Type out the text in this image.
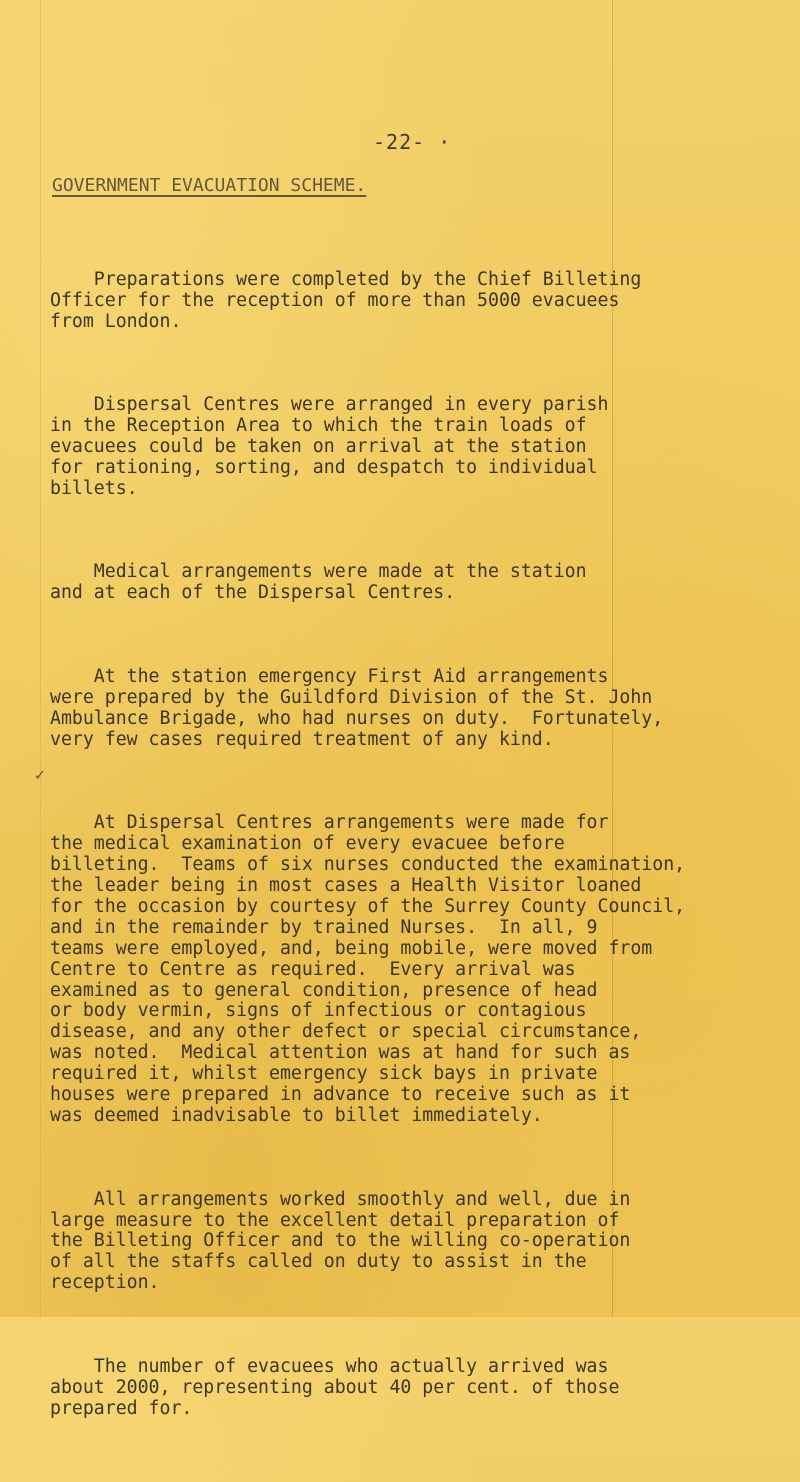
-22- ·
GOVERNMENT EVACUATION SCHEME.
✓

Preparations were completed by the Chief Billeting
Officer for the reception of more than 5000 evacuees
from London.

Dispersal Centres were arranged in every parish
in the Reception Area to which the train loads of
evacuees could be taken on arrival at the station
for rationing, sorting, and despatch to individual
billets.

Medical arrangements were made at the station
and at each of the Dispersal Centres.

At the station emergency First Aid arrangements
were prepared by the Guildford Division of the St. John
Ambulance Brigade, who had nurses on duty.  Fortunately,
very few cases required treatment of any kind.

At Dispersal Centres arrangements were made for
the medical examination of every evacuee before
billeting.  Teams of six nurses conducted the examination,
the leader being in most cases a Health Visitor loaned
for the occasion by courtesy of the Surrey County Council,
and in the remainder by trained Nurses.  In all, 9
teams were employed, and, being mobile, were moved from
Centre to Centre as required.  Every arrival was
examined as to general condition, presence of head
or body vermin, signs of infectious or contagious
disease, and any other defect or special circumstance,
was noted.  Medical attention was at hand for such as
required it, whilst emergency sick bays in private
houses were prepared in advance to receive such as it
was deemed inadvisable to billet immediately.

All arrangements worked smoothly and well, due in
large measure to the excellent detail preparation of
the Billeting Officer and to the willing co-operation
of all the staffs called on duty to assist in the
reception.

The number of evacuees who actually arrived was
about 2000, representing about 40 per cent. of those
prepared for.
